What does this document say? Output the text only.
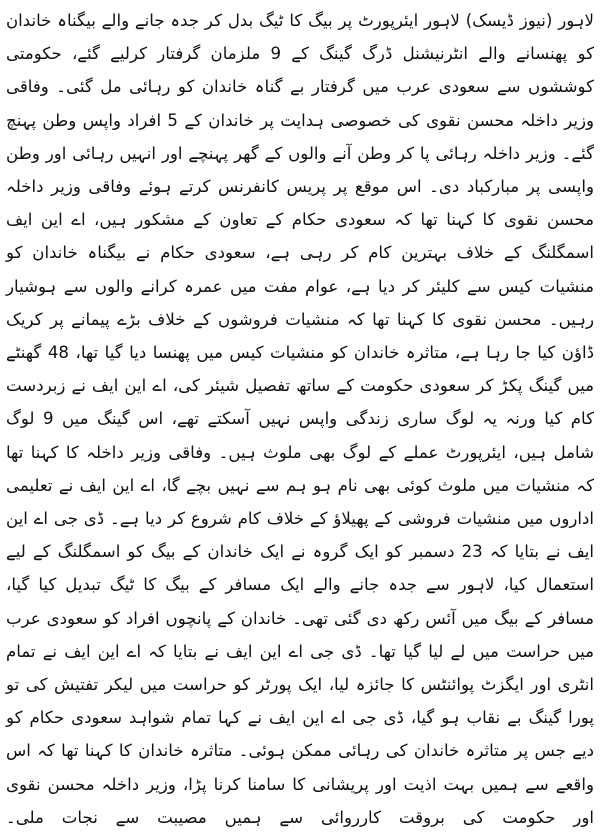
لاہور (نیوز ڈیسک) لاہور ایئرپورٹ پر بیگ کا ٹیگ بدل کر جدہ جانے والے بیگناہ خاندان کو پھنسانے والے انٹرنیشنل ڈرگ گینگ کے 9 ملزمان گرفتار کرلیے گئے، حکومتی کوششوں سے سعودی عرب میں گرفتار بے گناہ خاندان کو رہائی مل گئی۔ وفاقی وزیر داخلہ محسن نقوی کی خصوصی ہدایت پر خاندان کے 5 افراد واپس وطن پہنچ گئے۔ وزیر داخلہ رہائی پا کر وطن آنے والوں کے گھر پہنچے اور انہیں رہائی اور وطن واپسی پر مبارکباد دی۔ اس موقع پر پریس کانفرنس کرتے ہوئے وفاقی وزیر داخلہ محسن نقوی کا کہنا تھا کہ سعودی حکام کے تعاون کے مشکور ہیں، اے این ایف اسمگلنگ کے خلاف بہترین کام کر رہی ہے، سعودی حکام نے بیگناہ خاندان کو منشیات کیس سے کلیئر کر دیا ہے، عوام مفت میں عمرہ کرانے والوں سے ہوشیار رہیں۔ محسن نقوی کا کہنا تھا کہ منشیات فروشوں کے خلاف بڑے پیمانے پر کریک ڈاؤن کیا جا رہا ہے، متاثرہ خاندان کو منشیات کیس میں پھنسا دیا گیا تھا، 48 گھنٹے میں گینگ پکڑ کر سعودی حکومت کے ساتھ تفصیل شیئر کی، اے این ایف نے زبردست کام کیا ورنہ یہ لوگ ساری زندگی واپس نہیں آسکتے تھے، اس گینگ میں 9 لوگ شامل ہیں، ایئرپورٹ عملے کے لوگ بھی ملوث ہیں۔ وفاقی وزیر داخلہ کا کہنا تھا کہ منشیات میں ملوث کوئی بھی نام ہو ہم سے نہیں بچے گا، اے این ایف نے تعلیمی اداروں میں منشیات فروشی کے پھیلاؤ کے خلاف کام شروع کر دیا ہے۔ ڈی جی اے این ایف نے بتایا کہ 23 دسمبر کو ایک گروہ نے ایک خاندان کے بیگ کو اسمگلنگ کے لیے استعمال کیا، لاہور سے جدہ جانے والے ایک مسافر کے بیگ کا ٹیگ تبدیل کیا گیا، مسافر کے بیگ میں آئس رکھ دی گئی تھی۔ خاندان کے پانچوں افراد کو سعودی عرب میں حراست میں لے لیا گیا تھا۔ ڈی جی اے این ایف نے بتایا کہ اے این ایف نے تمام انٹری اور ایگزٹ پوائنٹس کا جائزہ لیا، ایک پورٹر کو حراست میں لیکر تفتیش کی تو پورا گینگ بے نقاب ہو گیا، ڈی جی اے این ایف نے کہا تمام شواہد سعودی حکام کو دیے جس پر متاثرہ خاندان کی رہائی ممکن ہوئی۔ متاثرہ خاندان کا کہنا تھا کہ اس واقعے سے ہمیں بہت اذیت اور پریشانی کا سامنا کرنا پڑا، وزیر داخلہ محسن نقوی اور حکومت کی بروقت کارروائی سے ہمیں مصیبت سے نجات ملی۔
